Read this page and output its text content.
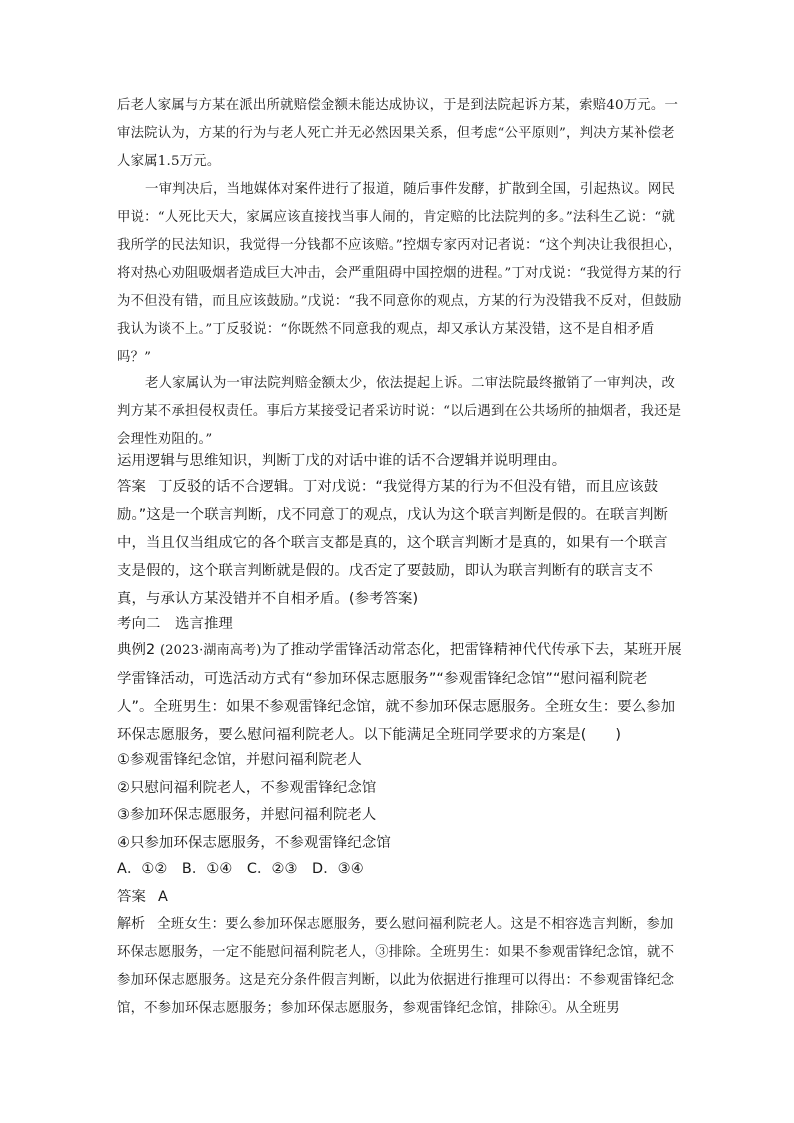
后老人家属与方某在派出所就赔偿金额未能达成协议，于是到法院起诉方某，索赔40万元。一审法院认为，方某的行为与老人死亡并无必然因果关系，但考虑“公平原则”，判决方某补偿老人家属1.5万元。

一审判决后，当地媒体对案件进行了报道，随后事件发酵，扩散到全国，引起热议。网民甲说：“人死比天大，家属应该直接找当事人闹的，肯定赔的比法院判的多。”法科生乙说：“就我所学的民法知识，我觉得一分钱都不应该赔。”控烟专家丙对记者说：“这个判决让我很担心，将对热心劝阻吸烟者造成巨大冲击，会严重阻碍中国控烟的进程。”丁对戊说：“我觉得方某的行为不但没有错，而且应该鼓励。”戊说：“我不同意你的观点，方某的行为没错我不反对，但鼓励我认为谈不上。”丁反驳说：“你既然不同意我的观点，却又承认方某没错，这不是自相矛盾吗？”

老人家属认为一审法院判赔金额太少，依法提起上诉。二审法院最终撤销了一审判决，改判方某不承担侵权责任。事后方某接受记者采访时说：“以后遇到在公共场所的抽烟者，我还是会理性劝阻的。”

运用逻辑与思维知识，判断丁戊的对话中谁的话不合逻辑并说明理由。

答案 丁反驳的话不合逻辑。丁对戊说：“我觉得方某的行为不但没有错，而且应该鼓励。”这是一个联言判断，戊不同意丁的观点，戊认为这个联言判断是假的。在联言判断中，当且仅当组成它的各个联言支都是真的，这个联言判断才是真的，如果有一个联言支是假的，这个联言判断就是假的。戊否定了要鼓励，即认为联言判断有的联言支不真，与承认方某没错并不自相矛盾。(参考答案)

考向二　选言推理

典例2 (2023·湖南高考)为了推动学雷锋活动常态化，把雷锋精神代代传承下去，某班开展学雷锋活动，可选活动方式有“参加环保志愿服务”“参观雷锋纪念馆”“慰问福利院老人”。全班男生：如果不参观雷锋纪念馆，就不参加环保志愿服务。全班女生：要么参加环保志愿服务，要么慰问福利院老人。以下能满足全班同学要求的方案是(　　)

①参观雷锋纪念馆，并慰问福利院老人

②只慰问福利院老人，不参观雷锋纪念馆

③参加环保志愿服务，并慰问福利院老人

④只参加环保志愿服务，不参观雷锋纪念馆

A．①②　B．①④　C．②③　D．③④

答案 A

解析 全班女生：要么参加环保志愿服务，要么慰问福利院老人。这是不相容选言判断，参加环保志愿服务，一定不能慰问福利院老人，③排除。全班男生：如果不参观雷锋纪念馆，就不参加环保志愿服务。这是充分条件假言判断，以此为依据进行推理可以得出：不参观雷锋纪念馆，不参加环保志愿服务；参加环保志愿服务，参观雷锋纪念馆，排除④。从全班男
